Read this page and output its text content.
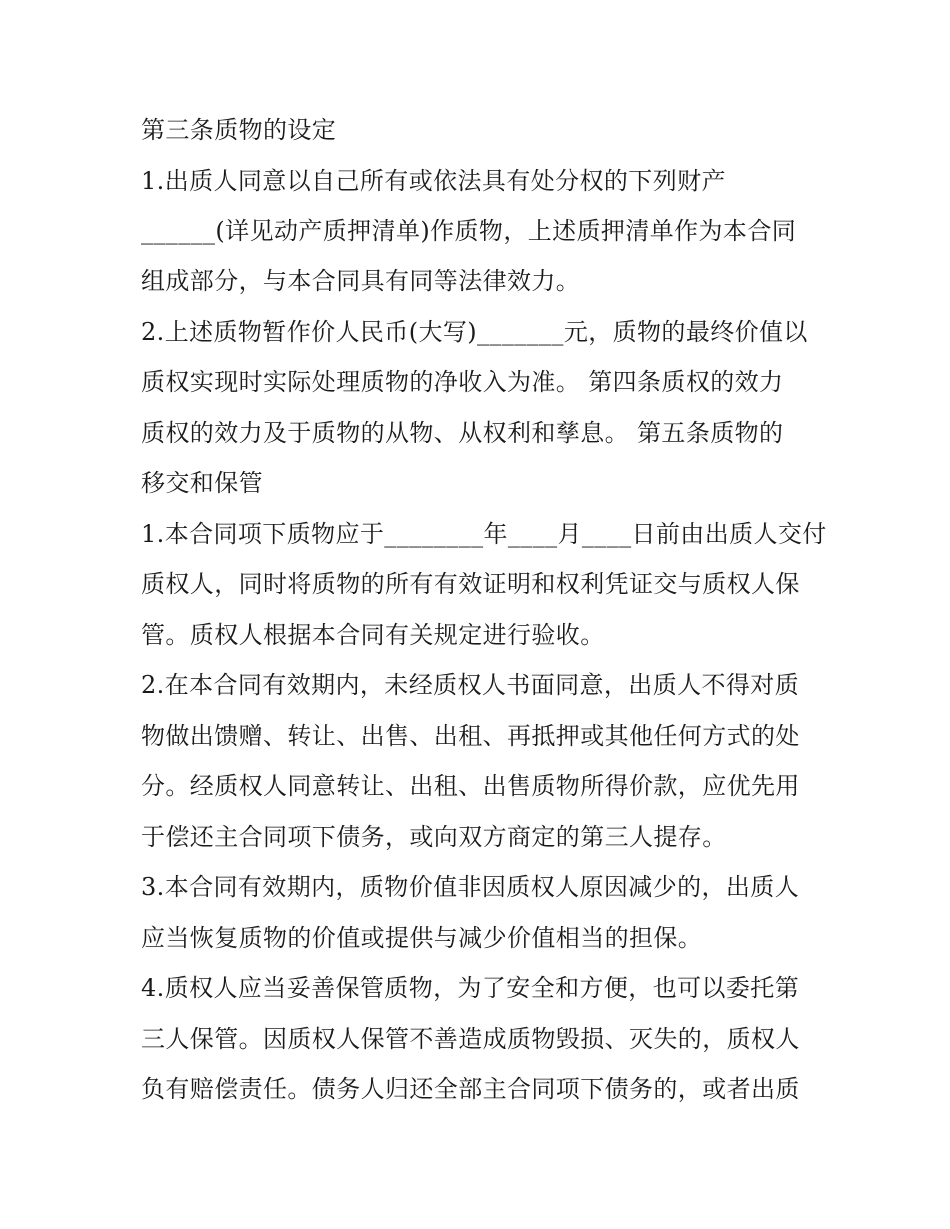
第三条质物的设定

1.出质人同意以自己所有或依法具有处分权的下列财产

______(详见动产质押清单)作质物，上述质押清单作为本合同

组成部分，与本合同具有同等法律效力。

2.上述质物暂作价人民币(大写)_______元，质物的最终价值以

质权实现时实际处理质物的净收入为准。 第四条质权的效力

质权的效力及于质物的从物、从权利和孳息。 第五条质物的

移交和保管

1.本合同项下质物应于________年____月____日前由出质人交付

质权人，同时将质物的所有有效证明和权利凭证交与质权人保

管。质权人根据本合同有关规定进行验收。

2.在本合同有效期内，未经质权人书面同意，出质人不得对质

物做出馈赠、转让、出售、出租、再抵押或其他任何方式的处

分。经质权人同意转让、出租、出售质物所得价款，应优先用

于偿还主合同项下债务，或向双方商定的第三人提存。

3.本合同有效期内，质物价值非因质权人原因减少的，出质人

应当恢复质物的价值或提供与减少价值相当的担保。

4.质权人应当妥善保管质物，为了安全和方便，也可以委托第

三人保管。因质权人保管不善造成质物毁损、灭失的，质权人

负有赔偿责任。债务人归还全部主合同项下债务的，或者出质
